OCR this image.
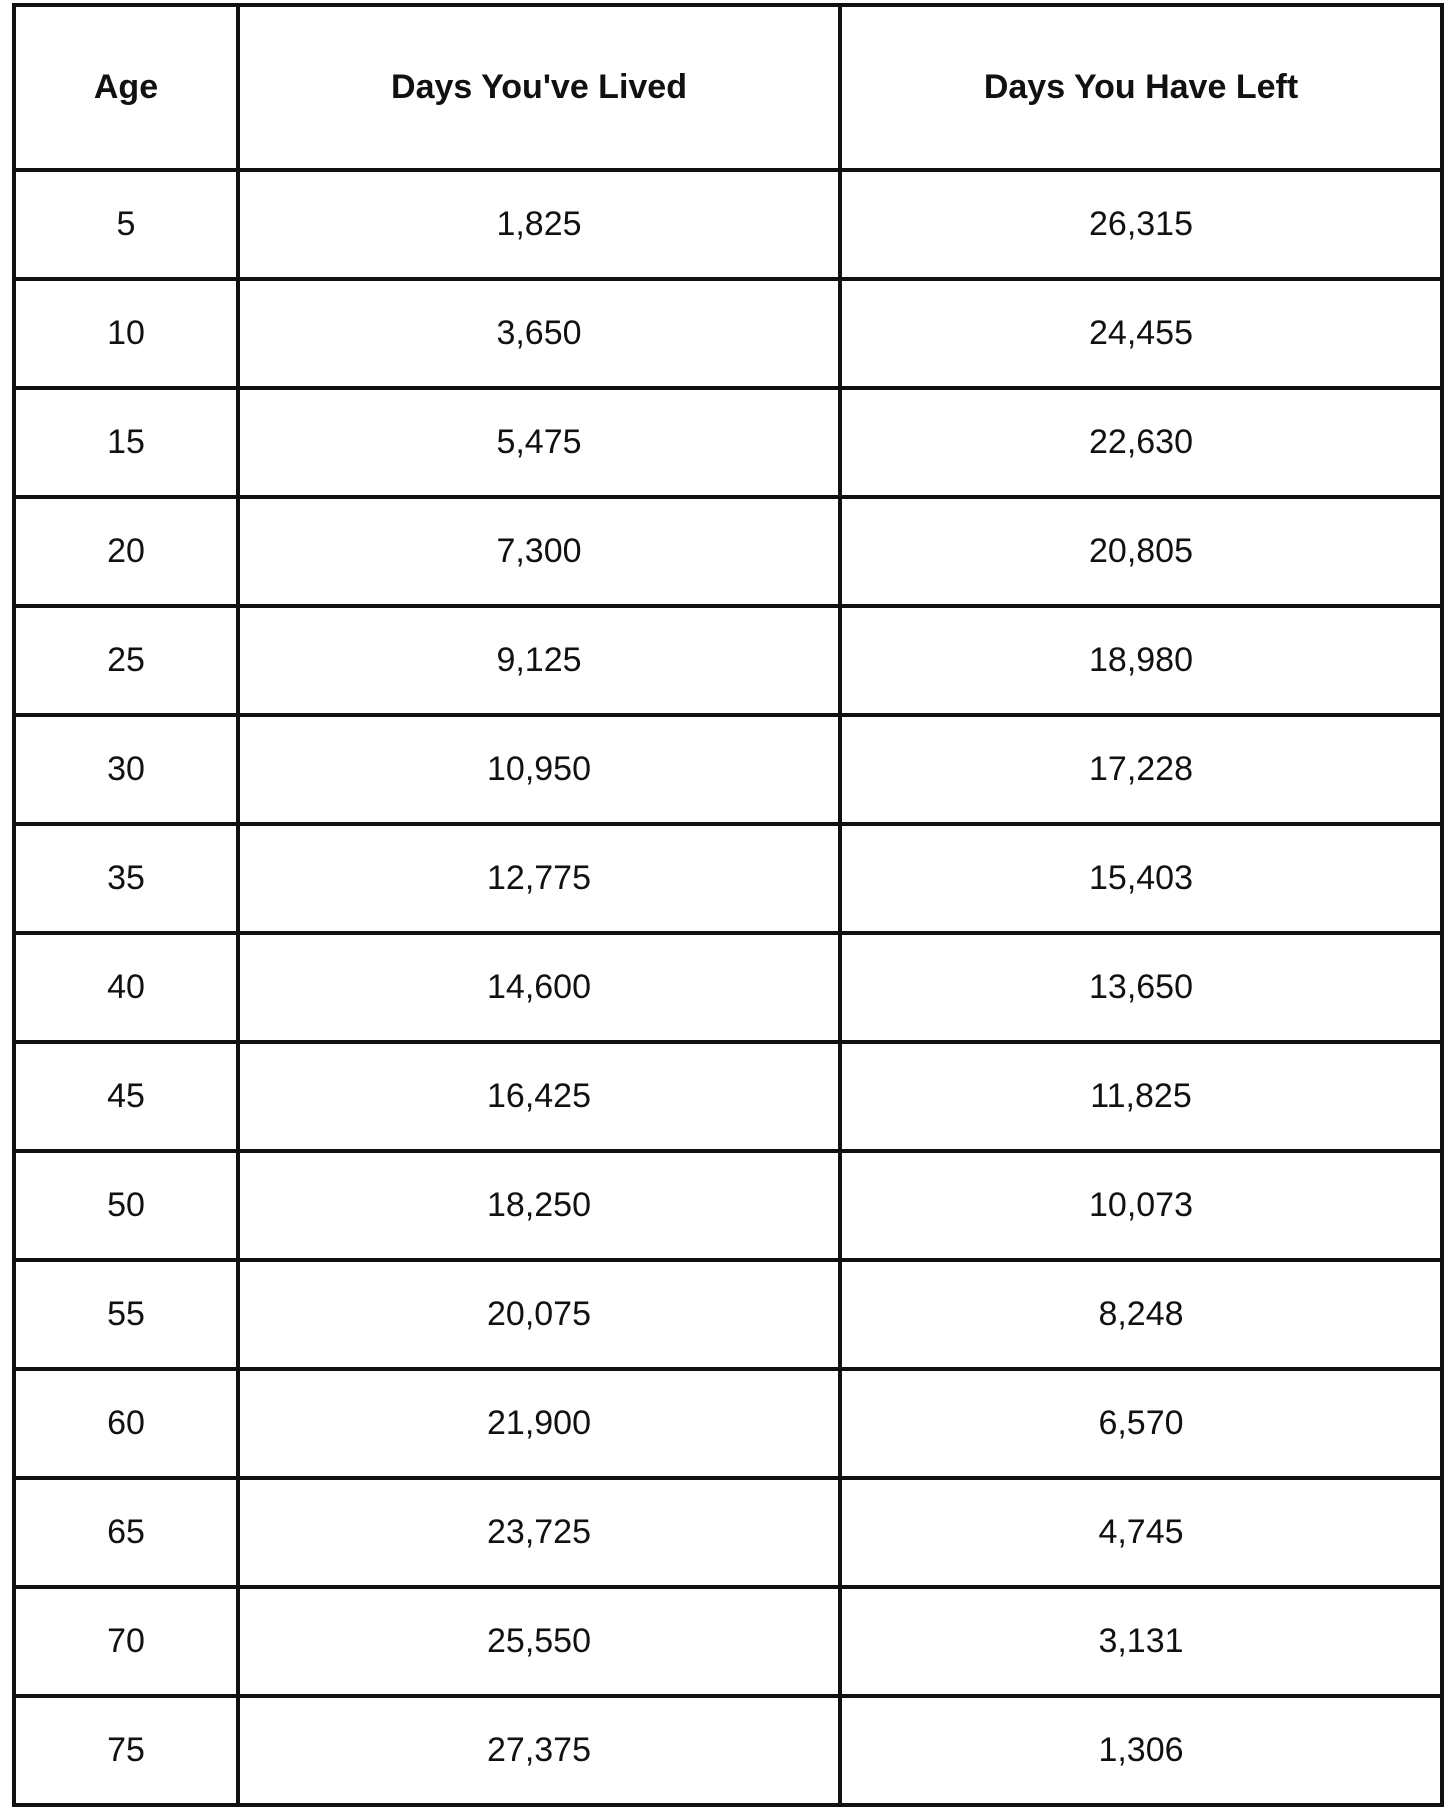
Age	Days You've Lived	Days You Have Left
5	1,825	26,315
10	3,650	24,455
15	5,475	22,630
20	7,300	20,805
25	9,125	18,980
30	10,950	17,228
35	12,775	15,403
40	14,600	13,650
45	16,425	11,825
50	18,250	10,073
55	20,075	8,248
60	21,900	6,570
65	23,725	4,745
70	25,550	3,131
75	27,375	1,306
